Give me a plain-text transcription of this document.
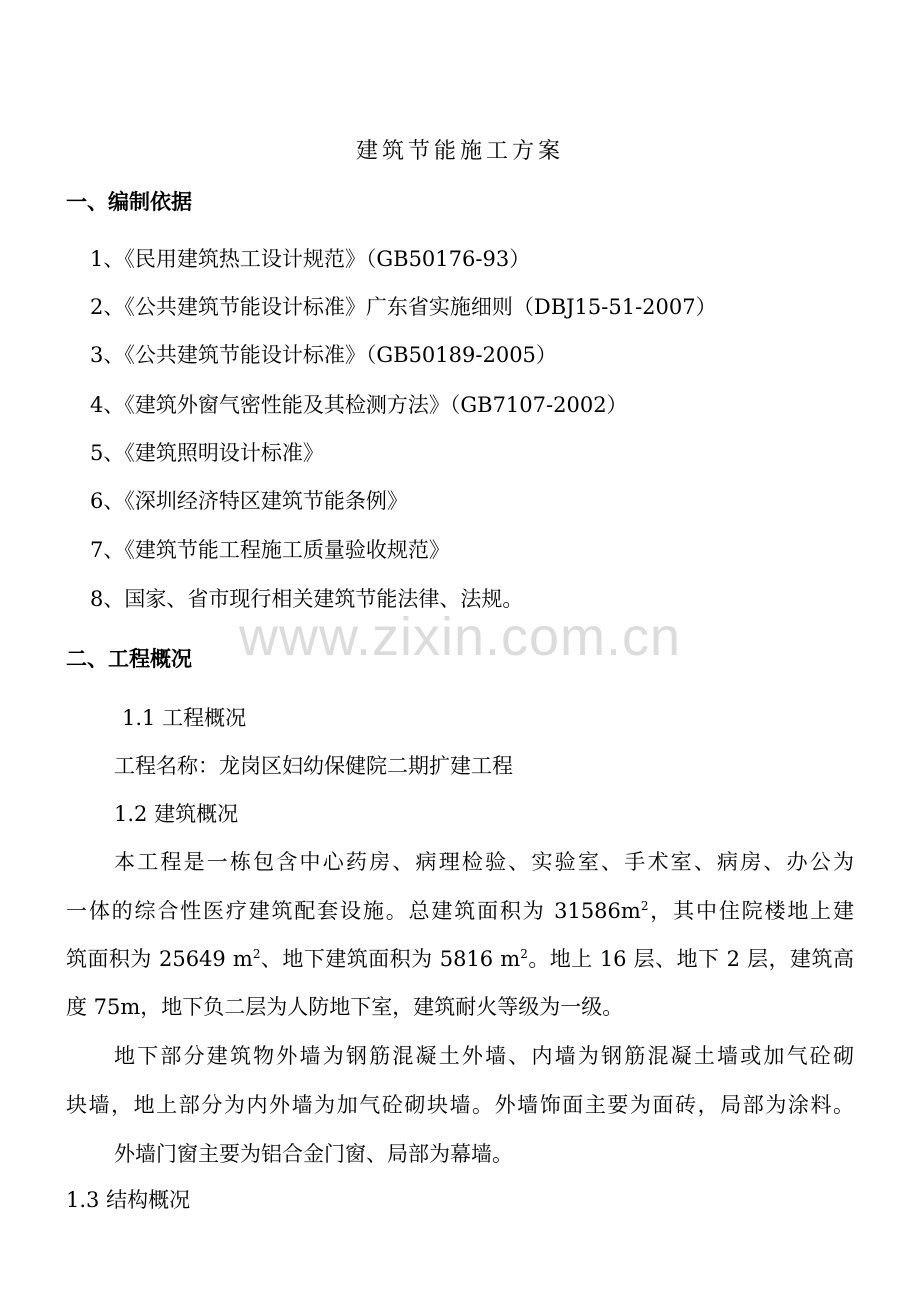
建筑节能施工方案
一、编制依据
1、《民用建筑热工设计规范》（GB50176-93）
2、《公共建筑节能设计标准》广东省实施细则（DBJ15-51-2007）
3、《公共建筑节能设计标准》（GB50189-2005）
4、《建筑外窗气密性能及其检测方法》（GB7107-2002）
5、《建筑照明设计标准》
6、《深圳经济特区建筑节能条例》
7、《建筑节能工程施工质量验收规范》
8、国家、省市现行相关建筑节能法律、法规。
www.zixin.com.cn
二、工程概况
1.1 工程概况
工程名称：龙岗区妇幼保健院二期扩建工程
1.2 建筑概况
本工程是一栋包含中心药房、病理检验、实验室、手术室、病房、办公为
一体的综合性医疗建筑配套设施。总建筑面积为 $31586m^2$，其中住院楼地上建
筑面积为 25649 $m^2$、地下建筑面积为 5816 $m^2$。地上 16 层、地下 2 层，建筑高
度 75m，地下负二层为人防地下室，建筑耐火等级为一级。
地下部分建筑物外墙为钢筋混凝土外墙、内墙为钢筋混凝土墙或加气砼砌
块墙，地上部分为内外墙为加气砼砌块墙。外墙饰面主要为面砖，局部为涂料。
外墙门窗主要为铝合金门窗、局部为幕墙。
1.3 结构概况
